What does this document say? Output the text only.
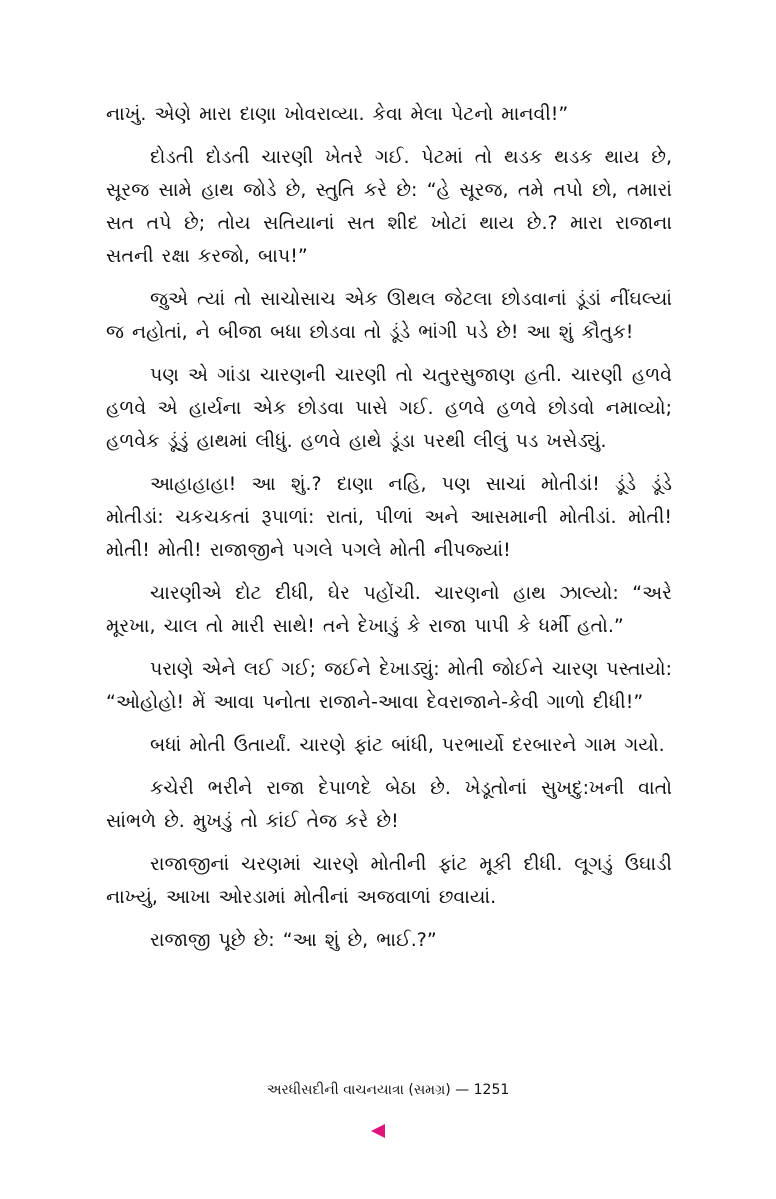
નાખું. એણે મારા દાણા ખોવરાવ્યા. કેવા મેલા પેટનો માનવી!”

દોડતી દોડતી ચારણી ખેતરે ગઈ. પેટમાં તો થડક થડક થાય છે, સૂરજ સામે હાથ જોડે છે, સ્તુતિ કરે છે: “હે સૂરજ, તમે તપો છો, તમારાં સત તપે છે; તોય સતિયાનાં સત શીદ ખોટાં થાય છે.? મારા રાજાના સતની રક્ષા કરજો, બાપ!”

જુએ ત્યાં તો સાચોસાચ એક ઊથલ જેટલા છોડવાનાં ડૂંડાં નીંઘલ્યાં જ નહોતાં, ને બીજા બધા છોડવા તો ડૂંડે ભાંગી પડે છે! આ શું કૌતુક!

પણ એ ગાંડા ચારણની ચારણી તો ચતુરસુજાણ હતી. ચારણી હળવે હળવે એ હાર્યના એક છોડવા પાસે ગઈ. હળવે હળવે છોડવો નમાવ્યો; હળવેક ડૂંડું હાથમાં લીધું. હળવે હાથે ડૂંડા પરથી લીલું પડ ખસેડ્યું.

આહાહાહા! આ શું.? દાણા નહિ, પણ સાચાં મોતીડાં! ડૂંડે ડૂંડે મોતીડાં: ચકચકતાં રૂપાળાં: રાતાં, પીળાં અને આસમાની મોતીડાં. મોતી! મોતી! મોતી! રાજાજીને પગલે પગલે મોતી નીપજ્યાં!

ચારણીએ દોટ દીધી, ઘેર પહોંચી. ચારણનો હાથ ઝાલ્યો: “અરે મૂરખા, ચાલ તો મારી સાથે! તને દેખાડું કે રાજા પાપી કે ધર્મી હતો.”

પરાણે એને લઈ ગઈ; જઈને દેખાડ્યું: મોતી જોઈને ચારણ પસ્તાયો: “ઓહોહો! મેં આવા પનોતા રાજાને-આવા દેવરાજાને-કેવી ગાળો દીધી!”

બધાં મોતી ઉતાર્યાં. ચારણે ફાંટ બાંધી, પરભાર્યો દરબારને ગામ ગયો.

કચેરી ભરીને રાજા દેપાળદે બેઠા છે. ખેડૂતોનાં સુખદુ:ખની વાતો સાંભળે છે. મુખડું તો કાંઈ તેજ કરે છે!

રાજાજીનાં ચરણમાં ચારણે મોતીની ફાંટ મૂકી દીધી. લૂગડું ઉઘાડી નાખ્યું, આખા ઓરડામાં મોતીનાં અજવાળાં છવાયાં.

રાજાજી પૂછે છે: “આ શું છે, ભાઈ.?”

અરધીસદીની વાચનયાત્રા (સમગ્ર) — 1251
